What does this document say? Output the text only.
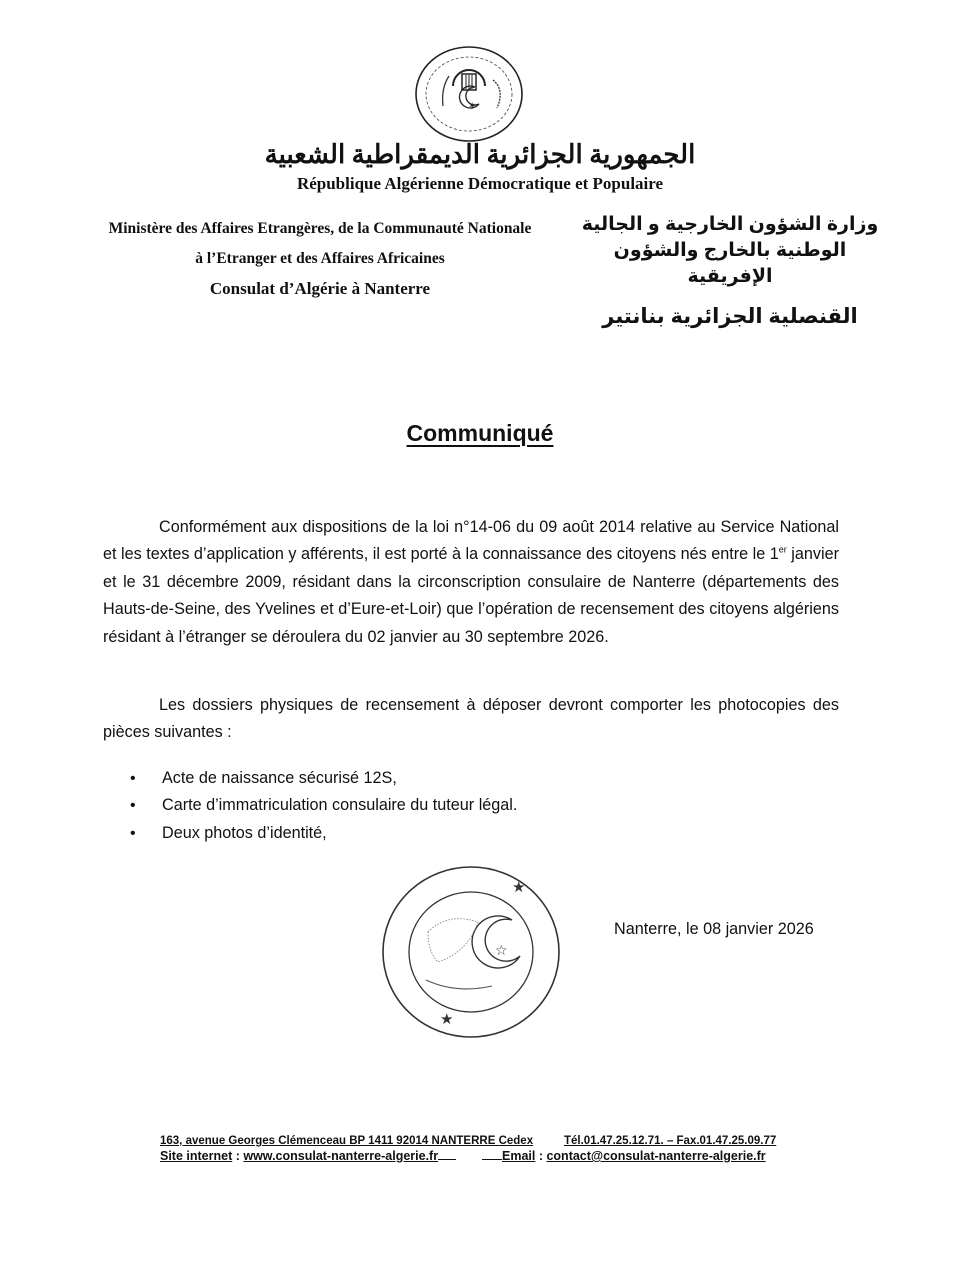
✶
الجمهورية الجزائرية الديمقراطية الشعبية
République Algérienne Démocratique et Populaire
Ministère des Affaires Etrangères, de la Communauté Nationale
à l’Etranger et des Affaires Africaines
Consulat d’Algérie à Nanterre
وزارة الشؤون الخارجية و الجالية
الوطنية بالخارج والشؤون الإفريقية
القنصلية الجزائرية بنانتير
Communiqué
Conformément aux dispositions de la loi n°14-06 du 09 août 2014 relative au Service National et les textes d’application y afférents, il est porté à la connaissance des citoyens nés entre le 1er janvier et le 31 décembre 2009, résidant dans la circonscription consulaire de Nanterre (départements des Hauts-de-Seine, des Yvelines et d’Eure-et-Loir) que l’opération de recensement des citoyens algériens résidant à l’étranger se déroulera du 02 janvier au 30 septembre 2026.
Les dossiers physiques de recensement à déposer devront comporter les photocopies des pièces suivantes :
• Acte de naissance sécurisé 12S,
• Carte d’immatriculation consulaire du tuteur légal.
• Deux photos d’identité,
★
★
☆
Nanterre, le 08 janvier 2026
163, avenue Georges Clémenceau BP 1411 92014 NANTERRE Cedex	Tél.01.47.25.12.71. – Fax.01.47.25.09.77
Site internet : www.consulat-nanterre-algerie.fr	Email : contact@consulat-nanterre-algerie.fr
